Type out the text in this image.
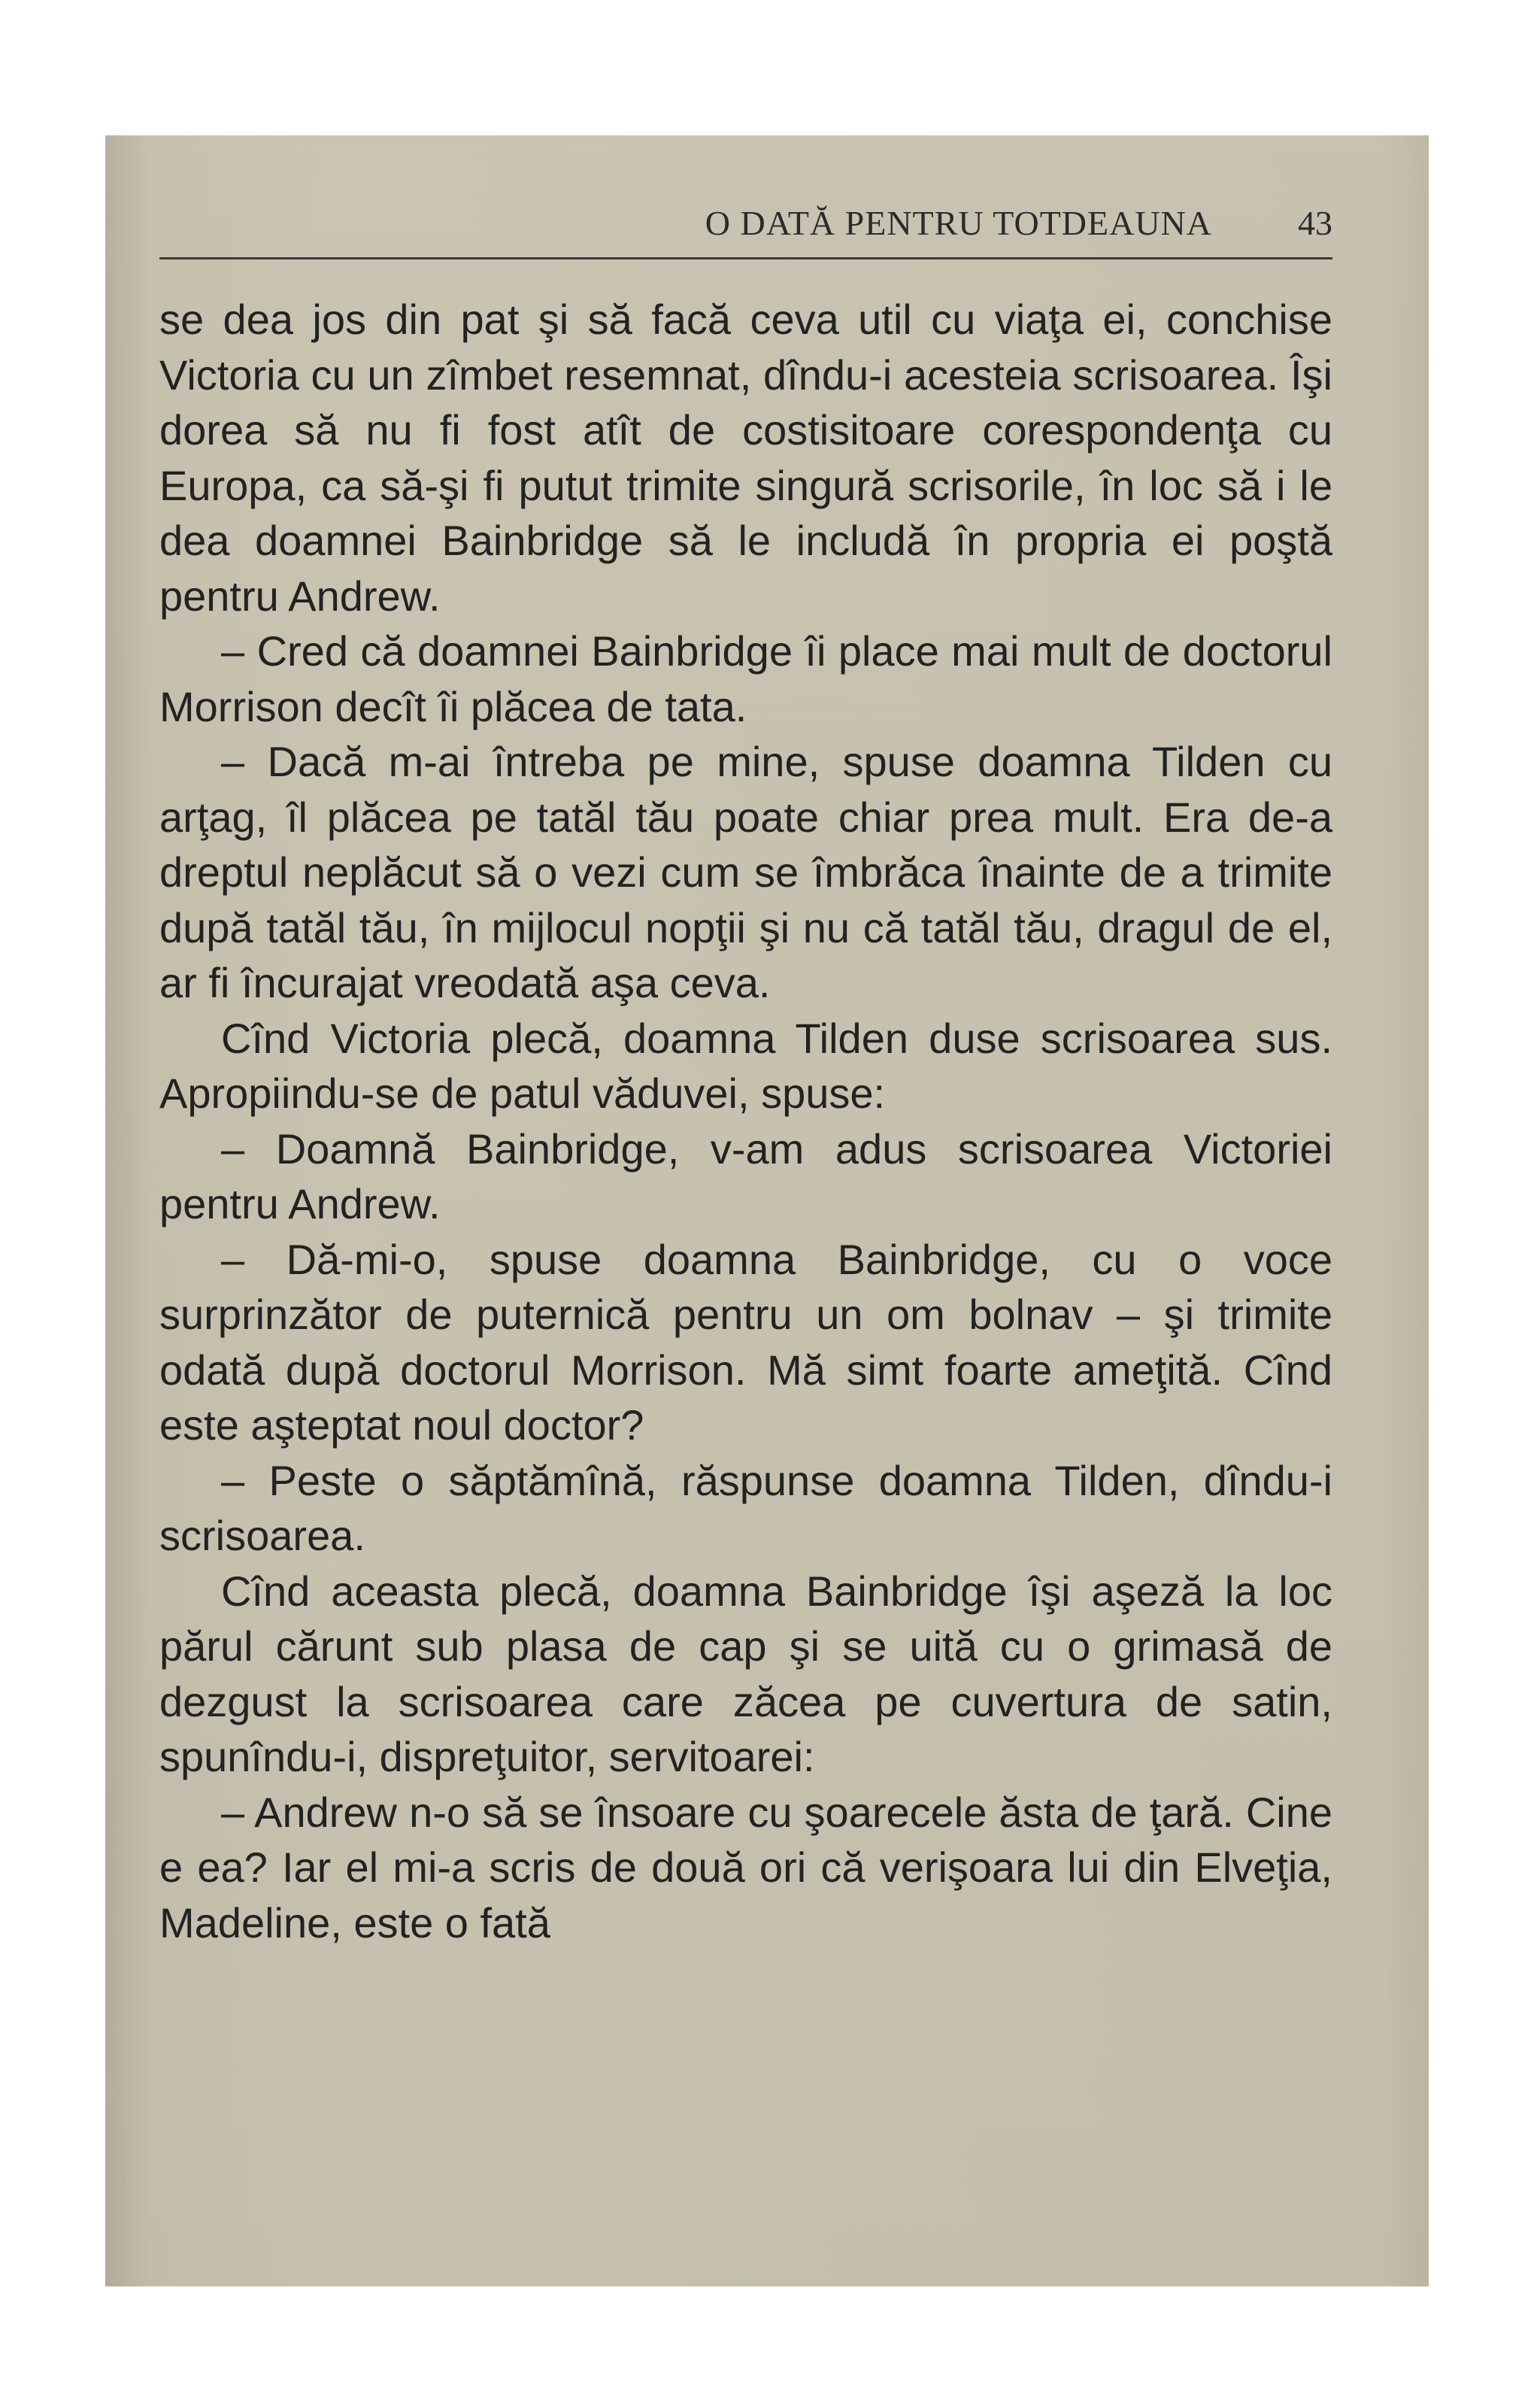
O DATĂ PENTRU TOTDEAUNA 43

se dea jos din pat şi să facă ceva util cu viaţa ei, conchise Victoria cu un zîmbet resemnat, dîndu-i acesteia scrisoarea. Îşi dorea să nu fi fost atît de costisitoare corespondenţa cu Europa, ca să-şi fi putut trimite singură scrisorile, în loc să i le dea doamnei Bainbridge să le includă în propria ei poştă pentru Andrew.

– Cred că doamnei Bainbridge îi place mai mult de doctorul Morrison decît îi plăcea de tata.

– Dacă m-ai întreba pe mine, spuse doamna Tilden cu arţag, îl plăcea pe tatăl tău poate chiar prea mult. Era de-a dreptul neplăcut să o vezi cum se îmbrăca înainte de a trimite după tatăl tău, în mijlocul nopţii şi nu că tatăl tău, dragul de el, ar fi încurajat vreodată aşa ceva.

Cînd Victoria plecă, doamna Tilden duse scrisoarea sus. Apropiindu-se de patul văduvei, spuse:

– Doamnă Bainbridge, v-am adus scrisoarea Victoriei pentru Andrew.

– Dă-mi-o, spuse doamna Bainbridge, cu o voce surprinzător de puternică pentru un om bolnav – şi trimite odată după doctorul Morrison. Mă simt foarte ameţită. Cînd este aşteptat noul doctor?

– Peste o săptămînă, răspunse doamna Tilden, dîndu-i scrisoarea.

Cînd aceasta plecă, doamna Bainbridge îşi aşeză la loc părul cărunt sub plasa de cap şi se uită cu o grimasă de dezgust la scrisoarea care zăcea pe cuvertura de satin, spunîndu-i, dispreţuitor, servitoarei:

– Andrew n-o să se însoare cu şoarecele ăsta de ţară. Cine e ea? Iar el mi-a scris de două ori că verişoara lui din Elveţia, Madeline, este o fată
